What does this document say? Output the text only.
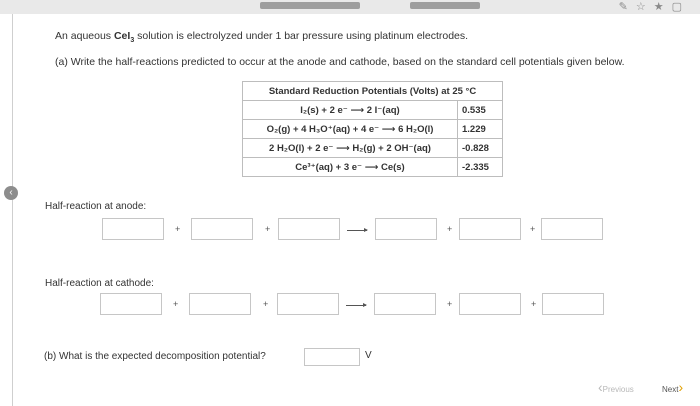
✎☆★▢
‹
An aqueous CeI$_3$ solution is electrolyzed under 1 bar pressure using platinum electrodes.
(a) Write the half-reactions predicted to occur at the anode and cathode, based on the standard cell potentials given below.
Standard Reduction Potentials (Volts) at 25 °C	
I₂(s) + 2 e⁻ ⟶ 2 I⁻(aq)	0.535
O₂(g) + 4 H₃O⁺(aq) + 4 e⁻ ⟶ 6 H₂O(l)	1.229
2 H₂O(l) + 2 e⁻ ⟶ H₂(g) + 2 OH⁻(aq)	-0.828
Ce³⁺(aq) + 3 e⁻ ⟶ Ce(s)	-2.335
Half-reaction at anode:
+	+	+	+
Half-reaction at cathode:
+	+	+	+
(b) What is the expected decomposition potential?	V
‹Previous	Next›
